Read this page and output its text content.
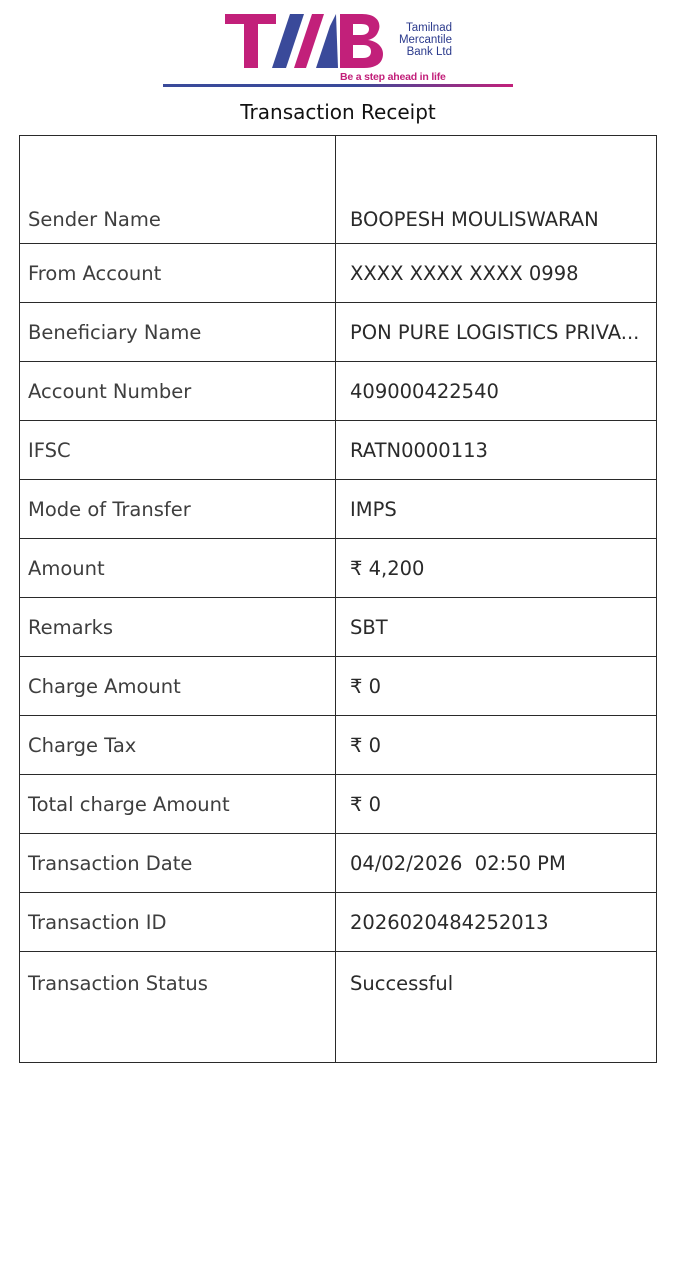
Tamilnad
Mercantile
Bank Ltd
Be a step ahead in life
Transaction Receipt
Sender Name	BOOPESH MOULISWARAN
From Account	XXXX XXXX XXXX 0998
Beneficiary Name	PON PURE LOGISTICS PRIVA...
Account Number	409000422540
IFSC	RATN0000113
Mode of Transfer	IMPS
Amount	₹ 4,200
Remarks	SBT
Charge Amount	₹ 0
Charge Tax	₹ 0
Total charge Amount	₹ 0
Transaction Date	04/02/2026  02:50 PM
Transaction ID	2026020484252013
Transaction Status	Successful
